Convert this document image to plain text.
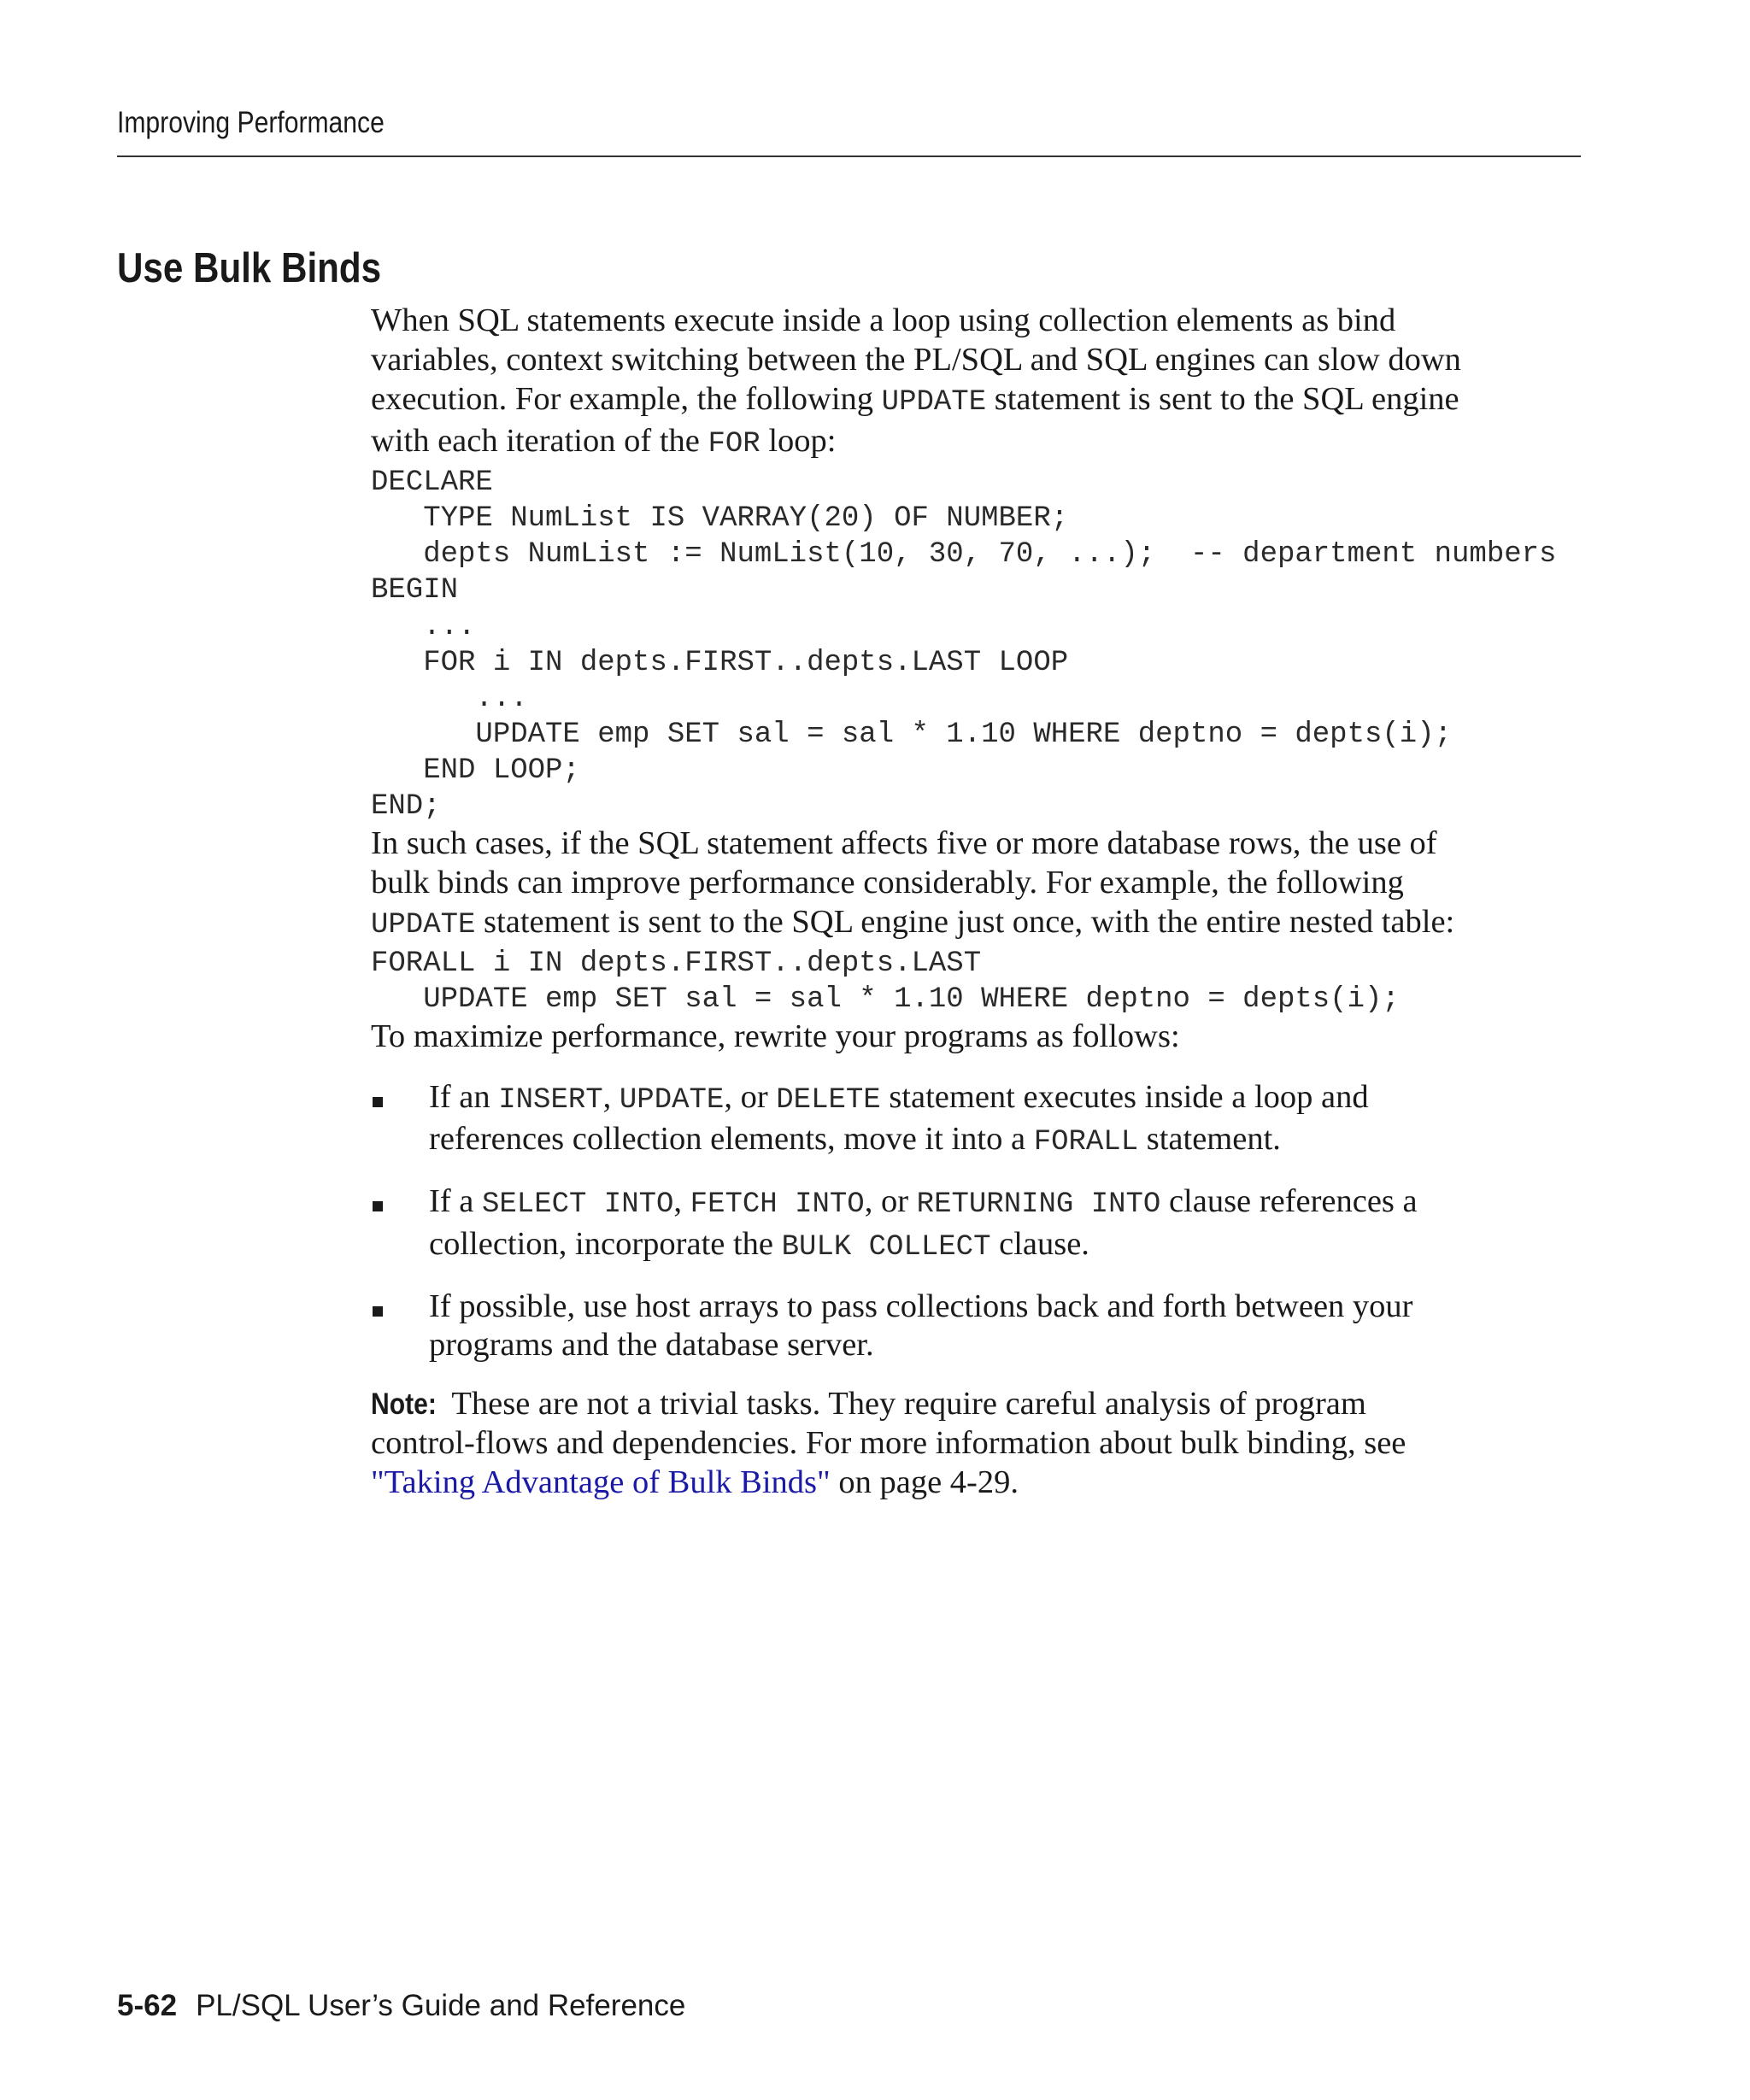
Improving Performance
Use Bulk Binds

When SQL statements execute inside a loop using collection elements as bind
variables, context switching between the PL/SQL and SQL engines can slow down
execution. For example, the following UPDATE statement is sent to the SQL engine
with each iteration of the FOR loop:

DECLARE
TYPE NumList IS VARRAY(20) OF NUMBER;
depts NumList := NumList(10, 30, 70, ...);  -- department numbers
BEGIN
...
FOR i IN depts.FIRST..depts.LAST LOOP
...
UPDATE emp SET sal = sal * 1.10 WHERE deptno = depts(i);
END LOOP;
END;

In such cases, if the SQL statement affects five or more database rows, the use of
bulk binds can improve performance considerably. For example, the following
UPDATE statement is sent to the SQL engine just once, with the entire nested table:

FORALL i IN depts.FIRST..depts.LAST
UPDATE emp SET sal = sal * 1.10 WHERE deptno = depts(i);

To maximize performance, rewrite your programs as follows:

If an INSERT, UPDATE, or DELETE statement executes inside a loop and
references collection elements, move it into a FORALL statement.
If a SELECT INTO, FETCH INTO, or RETURNING INTO clause references a
collection, incorporate the BULK COLLECT clause.
If possible, use host arrays to pass collections back and forth between your
programs and the database server.
Note: These are not a trivial tasks. They require careful analysis of program
control-flows and dependencies. For more information about bulk binding, see
"Taking Advantage of Bulk Binds" on page 4-29.
5-62 PL/SQL User’s Guide and Reference
